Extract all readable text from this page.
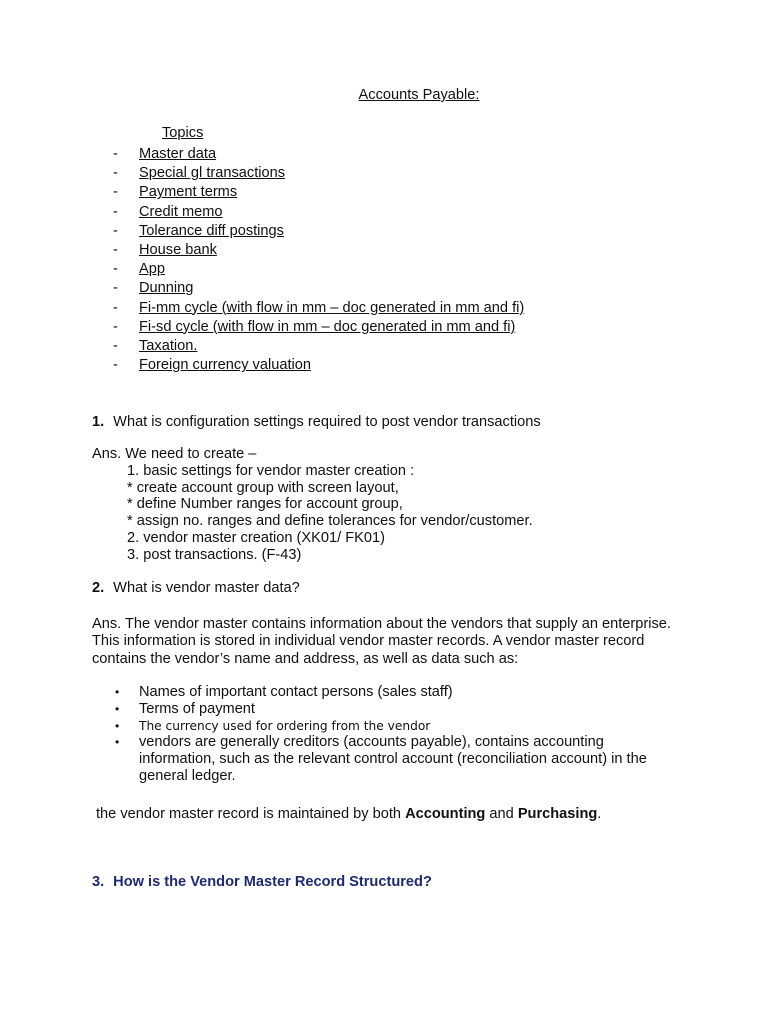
Accounts Payable:
Topics
- Master data
- Special gl transactions
- Payment terms
- Credit memo
- Tolerance diff postings
- House bank
- App
- Dunning
- Fi-mm cycle (with flow in mm – doc generated in mm and fi)
- Fi-sd cycle (with flow in mm – doc generated in mm and fi)
- Taxation.
- Foreign currency valuation
1. What is configuration settings required to post vendor transactions
Ans. We need to create –
1. basic settings for vendor master creation :
* create account group with screen layout,
* define Number ranges for account group,
* assign no. ranges and define tolerances for vendor/customer.
2. vendor master creation (XK01/ FK01)
3. post transactions. (F-43)
2. What is vendor master data?
Ans. The vendor master contains information about the vendors that supply an enterprise. This information is stored in individual vendor master records. A vendor master record contains the vendor’s name and address, as well as data such as:
• Names of important contact persons (sales staff)
• Terms of payment
• The currency used for ordering from the vendor
• vendors are generally creditors (accounts payable), contains accounting information, such as the relevant control account (reconciliation account) in the general ledger.
the vendor master record is maintained by both Accounting and Purchasing.
3. How is the Vendor Master Record Structured?
